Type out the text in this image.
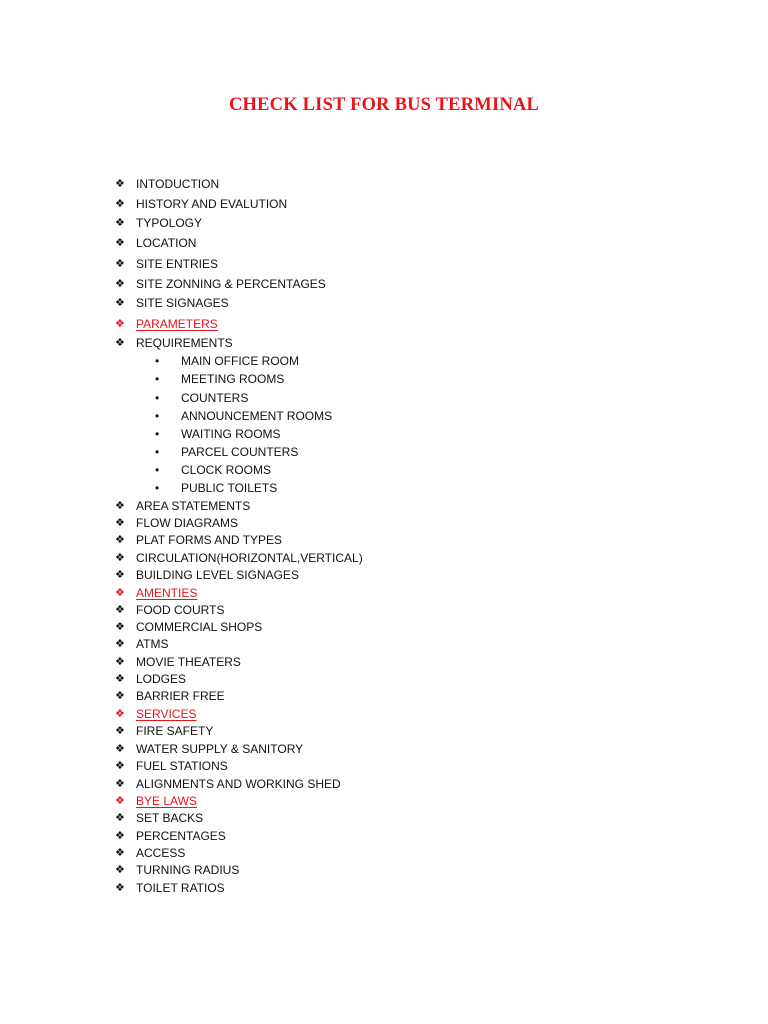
CHECK LIST FOR BUS TERMINAL
❖ INTODUCTION
❖ HISTORY AND EVALUTION
❖ TYPOLOGY
❖ LOCATION
❖ SITE ENTRIES
❖ SITE ZONNING & PERCENTAGES
❖ SITE SIGNAGES
❖ PARAMETERS
❖ REQUIREMENTS
• MAIN OFFICE ROOM
• MEETING ROOMS
• COUNTERS
• ANNOUNCEMENT ROOMS
• WAITING ROOMS
• PARCEL COUNTERS
• CLOCK ROOMS
• PUBLIC TOILETS
❖ AREA STATEMENTS
❖ FLOW DIAGRAMS
❖ PLAT FORMS AND TYPES
❖ CIRCULATION(HORIZONTAL,VERTICAL)
❖ BUILDING LEVEL SIGNAGES
❖ AMENTIES
❖ FOOD COURTS
❖ COMMERCIAL SHOPS
❖ ATMS
❖ MOVIE THEATERS
❖ LODGES
❖ BARRIER FREE
❖ SERVICES
❖ FIRE SAFETY
❖ WATER SUPPLY & SANITORY
❖ FUEL STATIONS
❖ ALIGNMENTS AND WORKING SHED
❖ BYE LAWS
❖ SET BACKS
❖ PERCENTAGES
❖ ACCESS
❖ TURNING RADIUS
❖ TOILET RATIOS
